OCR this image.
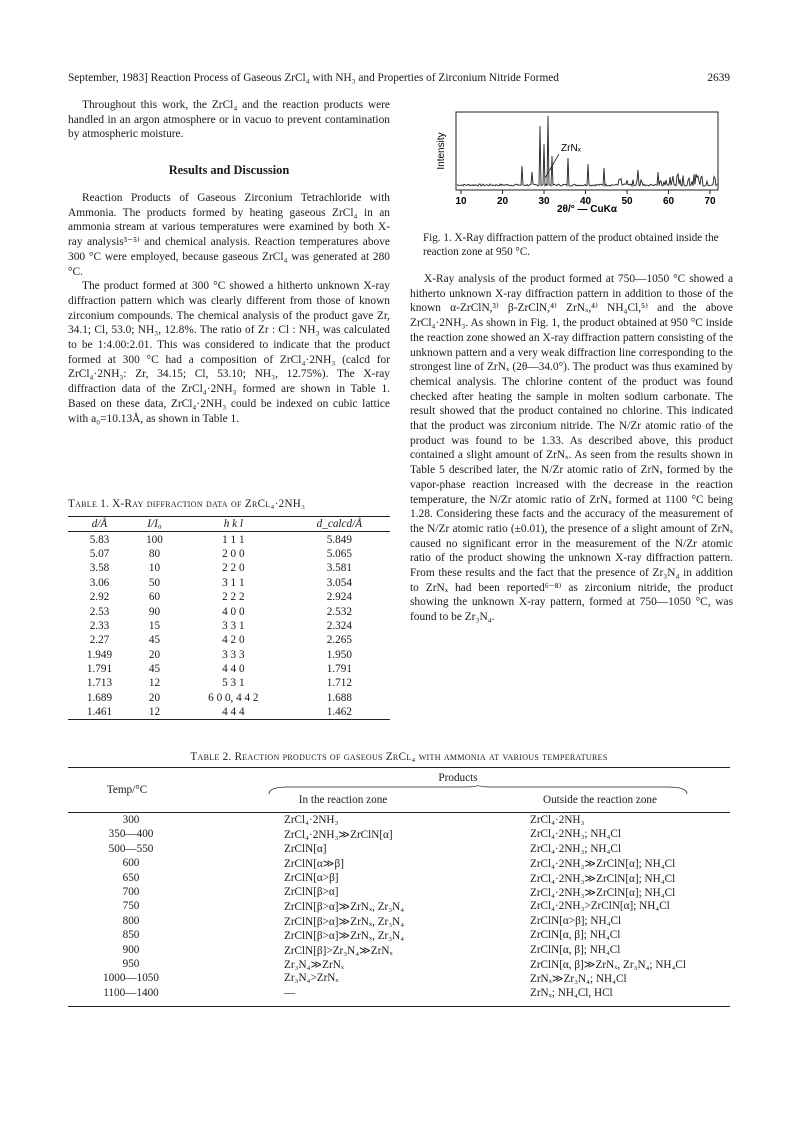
September, 1983] Reaction Process of Gaseous ZrCl₄ with NH₃ and Properties of Zirconium Nitride Formed	2639
Throughout this work, the ZrCl₄ and the reaction products were handled in an argon atmosphere or in vacuo to prevent contamination by atmospheric moisture.
Results and Discussion

Reaction Products of Gaseous Zirconium Tetrachloride with Ammonia. The products formed by heating gaseous ZrCl₄ in an ammonia stream at various temperatures were examined by both X-ray analysis³⁻⁵⁾ and chemical analysis. Reaction temperatures above 300 °C were employed, because gaseous ZrCl₄ was generated at 280 °C.

The product formed at 300 °C showed a hitherto unknown X-ray diffraction pattern which was clearly different from those of known zirconium compounds. The chemical analysis of the product gave Zr, 34.1; Cl, 53.0; NH₃, 12.8%. The ratio of Zr : Cl : NH₃ was calculated to be 1:4.00:2.01. This was considered to indicate that the product formed at 300 °C had a composition of ZrCl₄·2NH₃ (calcd for ZrCl₄·2NH₃: Zr, 34.15; Cl, 53.10; NH₃, 12.75%). The X-ray diffraction data of the ZrCl₄·2NH₃ formed are shown in Table 1. Based on these data, ZrCl₄·2NH₃ could be indexed on cubic lattice with a₀=10.13Å, as shown in Table 1.

Table 1. X-Ray diffraction data of ZrCl₄·2NH₃
d/Å	I/I₀	h k l	d_calcd/Å
5.83	100	1 1 1	5.849
5.07	80	2 0 0	5.065
3.58	10	2 2 0	3.581
3.06	50	3 1 1	3.054
2.92	60	2 2 2	2.924
2.53	90	4 0 0	2.532
2.33	15	3 3 1	2.324
2.27	45	4 2 0	2.265
1.949	20	3 3 3	1.950
1.791	45	4 4 0	1.791
1.713	12	5 3 1	1.712
1.689	20	6 0 0, 4 4 2	1.688
1.461	12	4 4 4	1.462
Intensity	ZrNₓ
10	20	30	40	50	60	70
2θ/° — CuKα
Fig. 1. X-Ray diffraction pattern of the product obtained inside the reaction zone at 950 °C.
X-Ray analysis of the product formed at 750—1050 °C showed a hitherto unknown X-ray diffraction pattern in addition to those of the known α-ZrClN,³⁾ β-ZrClN,⁴⁾ ZrNₓ,⁴⁾ NH₄Cl,⁵⁾ and the above ZrCl₄·2NH₃. As shown in Fig. 1, the product obtained at 950 °C inside the reaction zone showed an X-ray diffraction pattern consisting of the unknown pattern and a very weak diffraction line corresponding to the strongest line of ZrNₓ (2θ—34.0°). The product was thus examined by chemical analysis. The chlorine content of the product was found checked after heating the sample in molten sodium carbonate. The result showed that the product contained no chlorine. This indicated that the product was zirconium nitride. The N/Zr atomic ratio of the product was found to be 1.33. As described above, this product contained a slight amount of ZrNₓ. As seen from the results shown in Table 5 described later, the N/Zr atomic ratio of ZrNₓ formed by the vapor-phase reaction increased with the decrease in the reaction temperature, the N/Zr atomic ratio of ZrNₓ formed at 1100 °C being 1.28. Considering these facts and the accuracy of the measurement of the N/Zr atomic ratio (±0.01), the presence of a slight amount of ZrNₓ caused no significant error in the measurement of the N/Zr atomic ratio of the product showing the unknown X-ray diffraction pattern. From these results and the fact that the presence of Zr₃N₄ in addition to ZrNₓ had been reported⁶⁻⁸⁾ as zirconium nitride, the product showing the unknown X-ray pattern, formed at 750—1050 °C, was found to be Zr₃N₄.
Table 2. Reaction products of gaseous ZrCl₄ with ammonia at various temperatures
Temp/°C
Products
In the reaction zone	Outside the reaction zone
300	ZrCl₄·2NH₃	ZrCl₄·2NH₃
350—400	ZrCl₄·2NH₃≫ZrClN[α]	ZrCl₄·2NH₃; NH₄Cl
500—550	ZrClN[α]	ZrCl₄·2NH₃; NH₄Cl
600	ZrClN[α≫β]	ZrCl₄·2NH₃≫ZrClN[α]; NH₄Cl
650	ZrClN[α>β]	ZrCl₄·2NH₃≫ZrClN[α]; NH₄Cl
700	ZrClN[β>α]	ZrCl₄·2NH₃≫ZrClN[α]; NH₄Cl
750	ZrClN[β>α]≫ZrNₓ, Zr₃N₄	ZrCl₄·2NH₃>ZrClN[α]; NH₄Cl
800	ZrClN[β>α]≫ZrNₓ, Zr₃N₄	ZrClN[α>β]; NH₄Cl
850	ZrClN[β>α]≫ZrNₓ, Zr₃N₄	ZrClN[α, β]; NH₄Cl
900	ZrClN[β]>Zr₃N₄≫ZrNₓ	ZrClN[α, β]; NH₄Cl
950	Zr₃N₄≫ZrNₓ	ZrClN[α, β]≫ZrNₓ, Zr₃N₄; NH₄Cl
1000—1050	Zr₃N₄>ZrNₓ	ZrNₓ≫Zr₃N₄; NH₄Cl
1100—1400	—	ZrNₓ; NH₄Cl, HCl
